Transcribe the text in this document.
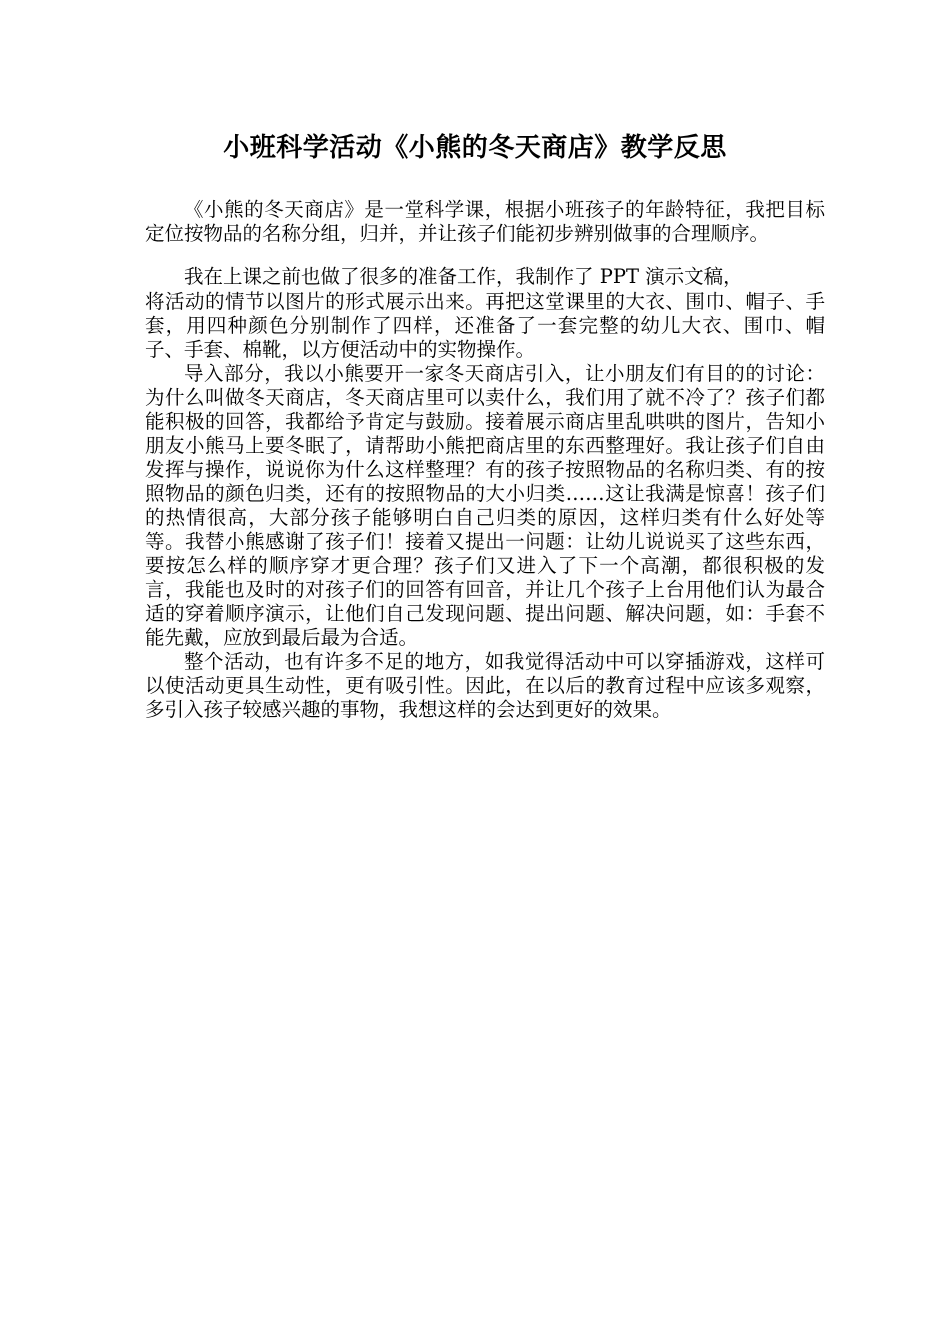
小班科学活动《小熊的冬天商店》教学反思

《小熊的冬天商店》是一堂科学课，根据小班孩子的年龄特征，我把目标定位按物品的名称分组，归并，并让孩子们能初步辨别做事的合理顺序。

我在上课之前也做了很多的准备工作，我制作了 PPT 演示文稿，

将活动的情节以图片的形式展示出来。再把这堂课里的大衣、围巾、帽子、手套，用四种颜色分别制作了四样，还准备了一套完整的幼儿大衣、围巾、帽子、手套、棉靴，以方便活动中的实物操作。

导入部分，我以小熊要开一家冬天商店引入，让小朋友们有目的的讨论：为什么叫做冬天商店，冬天商店里可以卖什么，我们用了就不冷了？孩子们都能积极的回答，我都给予肯定与鼓励。接着展示商店里乱哄哄的图片，告知小朋友小熊马上要冬眠了，请帮助小熊把商店里的东西整理好。我让孩子们自由发挥与操作，说说你为什么这样整理？有的孩子按照物品的名称归类、有的按照物品的颜色归类，还有的按照物品的大小归类……这让我满是惊喜！孩子们的热情很高，大部分孩子能够明白自己归类的原因，这样归类有什么好处等等。我替小熊感谢了孩子们！接着又提出一问题：让幼儿说说买了这些东西，要按怎么样的顺序穿才更合理？孩子们又进入了下一个高潮，都很积极的发言，我能也及时的对孩子们的回答有回音，并让几个孩子上台用他们认为最合适的穿着顺序演示，让他们自己发现问题、提出问题、解决问题，如：手套不能先戴，应放到最后最为合适。

整个活动，也有许多不足的地方，如我觉得活动中可以穿插游戏，这样可以使活动更具生动性，更有吸引性。因此，在以后的教育过程中应该多观察，多引入孩子较感兴趣的事物，我想这样的会达到更好的效果。
